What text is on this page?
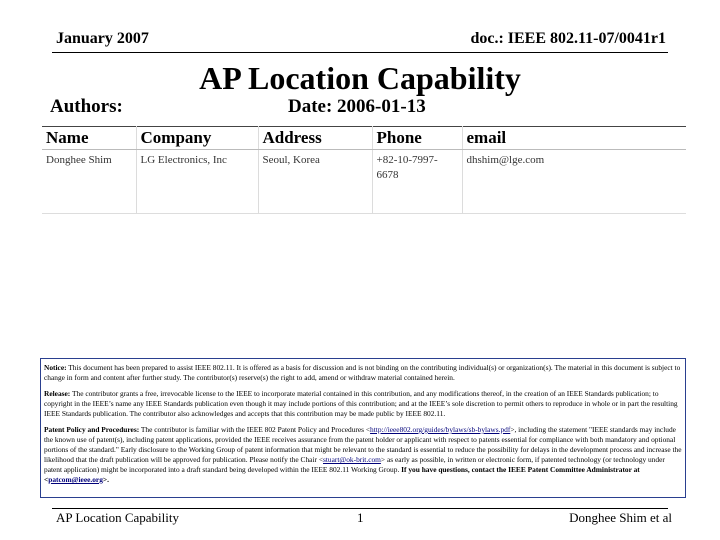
January 2007	doc.: IEEE 802.11-07/0041r1
AP Location Capability
Authors:	Date: 2006-01-13
Name	Company	Address	Phone	email
Donghee Shim	LG Electronics, Inc	Seoul, Korea	+82-10-7997-6678	dhshim@lge.com

Notice: This document has been prepared to assist IEEE 802.11. It is offered as a basis for discussion and is not binding on the contributing individual(s) or organization(s). The material in this document is subject to change in form and content after further study. The contributor(s) reserve(s) the right to add, amend or withdraw material contained herein.

Release: The contributor grants a free, irrevocable license to the IEEE to incorporate material contained in this contribution, and any modifications thereof, in the creation of an IEEE Standards publication; to copyright in the IEEE’s name any IEEE Standards publication even though it may include portions of this contribution; and at the IEEE’s sole discretion to permit others to reproduce in whole or in part the resulting IEEE Standards publication. The contributor also acknowledges and accepts that this contribution may be made public by IEEE 802.11.

Patent Policy and Procedures: The contributor is familiar with the IEEE 802 Patent Policy and Procedures <http://ieee802.org/guides/bylaws/sb-bylaws.pdf>, including the statement "IEEE standards may include the known use of patent(s), including patent applications, provided the IEEE receives assurance from the patent holder or applicant with respect to patents essential for compliance with both mandatory and optional portions of the standard." Early disclosure to the Working Group of patent information that might be relevant to the standard is essential to reduce the possibility for delays in the development process and increase the likelihood that the draft publication will be approved for publication. Please notify the Chair <stuart@ok-brit.com> as early as possible, in written or electronic form, if patented technology (or technology under patent application) might be incorporated into a draft standard being developed within the IEEE 802.11 Working Group. If you have questions, contact the IEEE Patent Committee Administrator at <patcom@ieee.org>.

AP Location Capability	1	Donghee Shim et al
